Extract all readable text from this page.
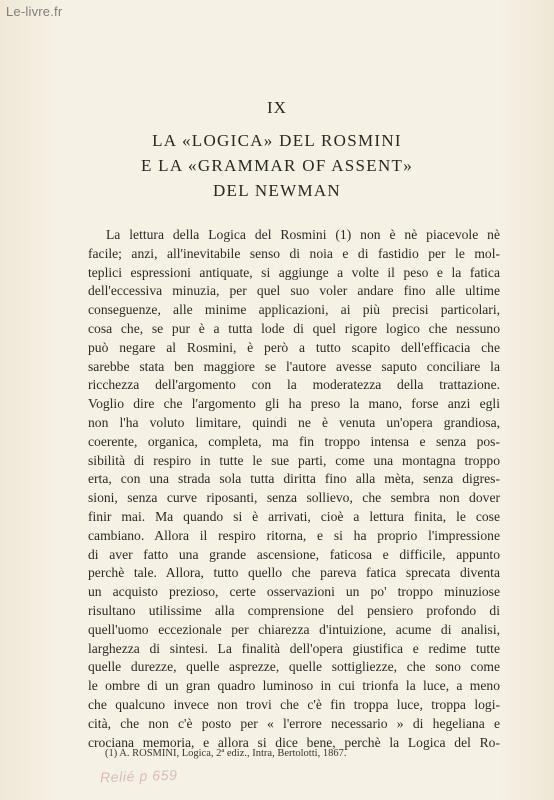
Le-livre.fr
IX
LA «LOGICA» DEL ROSMINI
E LA «GRAMMAR OF ASSENT»
DEL NEWMAN
La lettura della Logica del Rosmini (1) non è nè piacevole nè
facile; anzi, all'inevitabile senso di noia e di fastidio per le mol-
teplici espressioni antiquate, si aggiunge a volte il peso e la fatica
dell'eccessiva minuzia, per quel suo voler andare fino alle ultime
conseguenze, alle minime applicazioni, ai più precisi particolari,
cosa che, se pur è a tutta lode di quel rigore logico che nessuno
può negare al Rosmini, è però a tutto scapito dell'efficacia che
sarebbe stata ben maggiore se l'autore avesse saputo conciliare la
ricchezza dell'argomento con la moderatezza della trattazione.
Voglio dire che l'argomento gli ha preso la mano, forse anzi egli
non l'ha voluto limitare, quindi ne è venuta un'opera grandiosa,
coerente, organica, completa, ma fin troppo intensa e senza pos-
sibilità di respiro in tutte le sue parti, come una montagna troppo
erta, con una strada sola tutta diritta fino alla mèta, senza digres-
sioni, senza curve riposanti, senza sollievo, che sembra non dover
finir mai. Ma quando si è arrivati, cioè a lettura finita, le cose
cambiano. Allora il respiro ritorna, e si ha proprio l'impressione
di aver fatto una grande ascensione, faticosa e difficile, appunto
perchè tale. Allora, tutto quello che pareva fatica sprecata diventa
un acquisto prezioso, certe osservazioni un po' troppo minuziose
risultano utilissime alla comprensione del pensiero profondo di
quell'uomo eccezionale per chiarezza d'intuizione, acume di analisi,
larghezza di sintesi. La finalità dell'opera giustifica e redime tutte
quelle durezze, quelle asprezze, quelle sottigliezze, che sono come
le ombre di un gran quadro luminoso in cui trionfa la luce, a meno
che qualcuno invece non trovi che c'è fin troppa luce, troppa logi-
cità, che non c'è posto per « l'errore necessario » di hegeliana e
crociana memoria, e allora si dice bene, perchè la Logica del Ro-
(1) A. ROSMINI, Logica, 2ª ediz., Intra, Bertolotti, 1867.
Relié p 659
